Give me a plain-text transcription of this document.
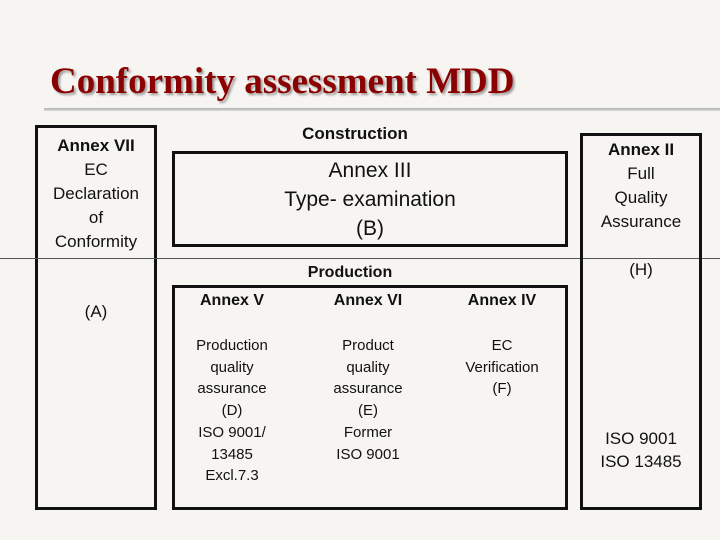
Conformity assessment MDD
Annex VII
EC
Declaration
of
Conformity
(A)
Construction
Annex III
Type- examination
(B)
Annex II
Full
Quality
Assurance
(H)
ISO 9001
ISO 13485
Production
Annex V
Production
quality
assurance
(D)
ISO 9001/
13485
Excl.7.3
Annex VI
Product
quality
assurance
(E)
Former
ISO 9001
Annex IV
EC
Verification
(F)
